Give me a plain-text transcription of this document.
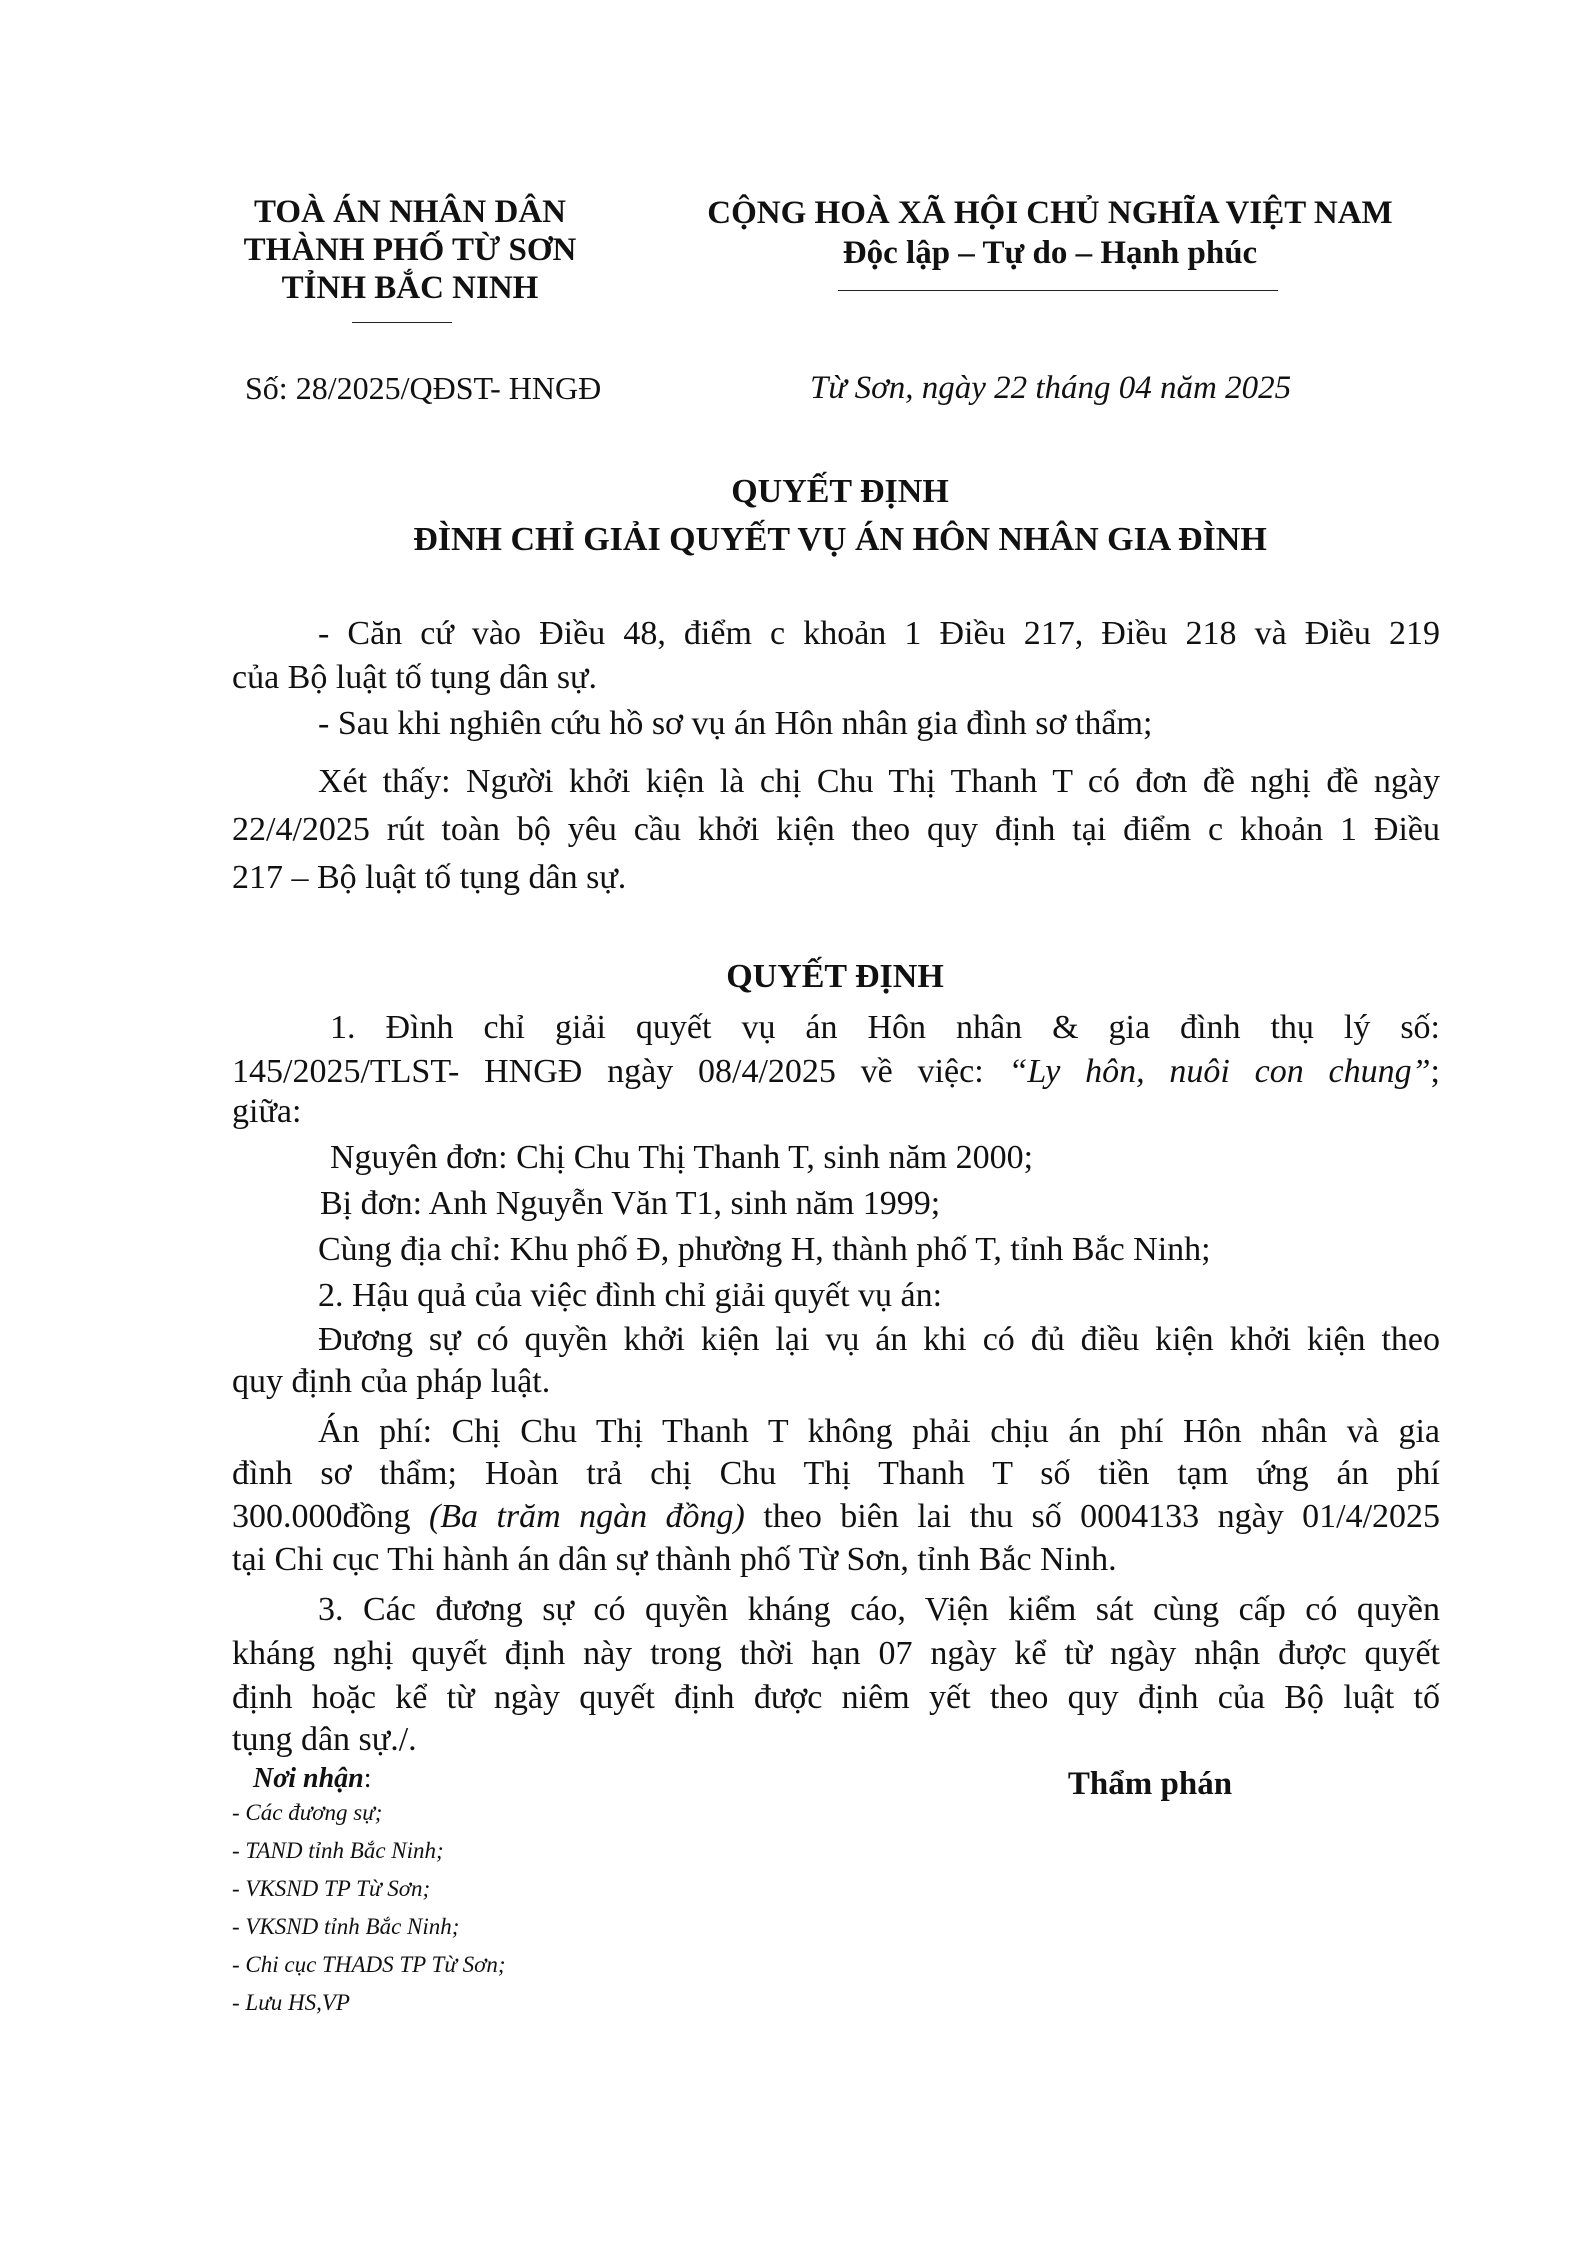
TOÀ ÁN NHÂN DÂN
THÀNH PHỐ TỪ SƠN
TỈNH BẮC NINH
CỘNG HOÀ XÃ HỘI CHỦ NGHĨA VIỆT NAM
Độc lập – Tự do – Hạnh phúc
Số: 28/2025/QĐST- HNGĐ	Từ Sơn, ngày 22 tháng 04 năm 2025
QUYẾT ĐỊNH
ĐÌNH CHỈ GIẢI QUYẾT VỤ ÁN HÔN NHÂN GIA ĐÌNH
- Căn cứ vào Điều 48, điểm c khoản 1 Điều 217, Điều 218 và Điều 219
của Bộ luật tố tụng dân sự.
- Sau khi nghiên cứu hồ sơ vụ án Hôn nhân gia đình sơ thẩm;
Xét thấy: Người khởi kiện là chị Chu Thị Thanh T có đơn đề nghị đề ngày
22/4/2025 rút toàn bộ yêu cầu khởi kiện theo quy định tại điểm c khoản 1 Điều
217 – Bộ luật tố tụng dân sự.
QUYẾT ĐỊNH
1. Đình chỉ giải quyết vụ án Hôn nhân & gia đình thụ lý số:
145/2025/TLST- HNGĐ ngày 08/4/2025 về việc: “Ly hôn, nuôi con chung”;
giữa:
Nguyên đơn: Chị Chu Thị Thanh T, sinh năm 2000;
Bị đơn: Anh Nguyễn Văn T1, sinh năm 1999;
Cùng địa chỉ: Khu phố Đ, phường H, thành phố T, tỉnh Bắc Ninh;
2. Hậu quả của việc đình chỉ giải quyết vụ án:
Đương sự có quyền khởi kiện lại vụ án khi có đủ điều kiện khởi kiện theo
quy định của pháp luật.
Án phí: Chị Chu Thị Thanh T không phải chịu án phí Hôn nhân và gia
đình sơ thẩm; Hoàn trả chị Chu Thị Thanh T số tiền tạm ứng án phí
300.000đồng (Ba trăm ngàn đồng) theo biên lai thu số 0004133 ngày 01/4/2025
tại Chi cục Thi hành án dân sự thành phố Từ Sơn, tỉnh Bắc Ninh.
3. Các đương sự có quyền kháng cáo, Viện kiểm sát cùng cấp có quyền
kháng nghị quyết định này trong thời hạn 07 ngày kể từ ngày nhận được quyết
định hoặc kể từ ngày quyết định được niêm yết theo quy định của Bộ luật tố
tụng dân sự./.
Nơi nhận:
- Các đương sự;
- TAND tỉnh Bắc Ninh;
- VKSND TP Từ Sơn;
- VKSND tỉnh Bắc Ninh;
- Chi cục THADS TP Từ Sơn;
- Lưu HS,VP
Thẩm phán
